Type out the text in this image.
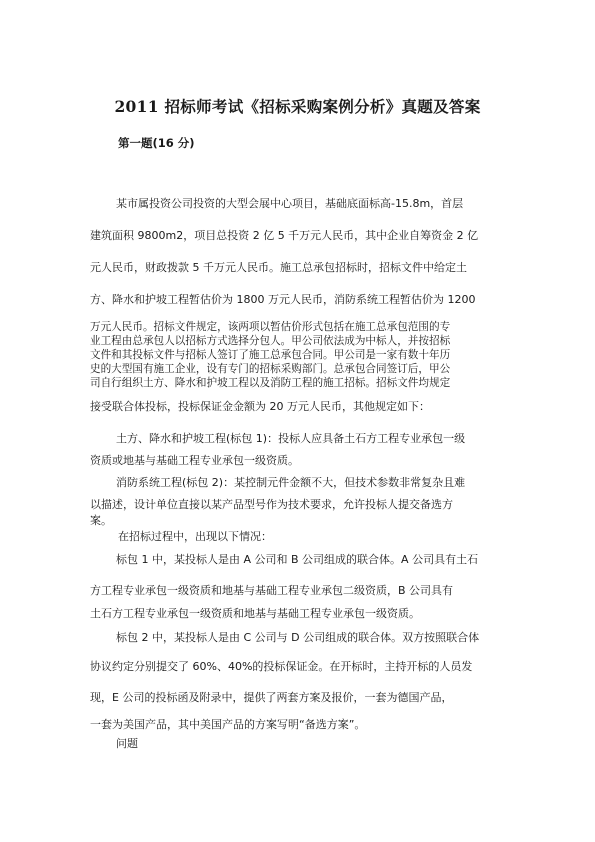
2011 招标师考试《招标采购案例分析》真题及答案
第一题(16 分)
某市属投资公司投资的大型会展中心项目，基础底面标高-15.8m，首层
建筑面积 9800m2，项目总投资 2 亿 5 千万元人民币，其中企业自筹资金 2 亿
元人民币，财政拨款 5 千万元人民币。施工总承包招标时，招标文件中给定土
方、降水和护坡工程暂估价为 1800 万元人民币，消防系统工程暂估价为 1200
万元人民币。招标文件规定，该两项以暂估价形式包括在施工总承包范围的专
业工程由总承包人以招标方式选择分包人。甲公司依法成为中标人，并按招标
文件和其投标文件与招标人签订了施工总承包合同。甲公司是一家有数十年历
史的大型国有施工企业，设有专门的招标采购部门。总承包合同签订后，甲公
司自行组织土方、降水和护坡工程以及消防工程的施工招标。招标文件均规定
接受联合体投标，投标保证金金额为 20 万元人民币，其他规定如下：
土方、降水和护坡工程(标包 1)：投标人应具备土石方工程专业承包一级
资质或地基与基础工程专业承包一级资质。
消防系统工程(标包 2)：某控制元件金额不大，但技术参数非常复杂且难
以描述，设计单位直接以某产品型号作为技术要求，允许投标人提交备选方
案。
在招标过程中，出现以下情况：
标包 1 中，某投标人是由 A 公司和 B 公司组成的联合体。A 公司具有土石
方工程专业承包一级资质和地基与基础工程专业承包二级资质，B 公司具有
土石方工程专业承包一级资质和地基与基础工程专业承包一级资质。
标包 2 中，某投标人是由 C 公司与 D 公司组成的联合体。双方按照联合体
协议约定分别提交了 60%、40%的投标保证金。在开标时，主持开标的人员发
现，E 公司的投标函及附录中，提供了两套方案及报价，一套为德国产品，
一套为美国产品，其中美国产品的方案写明“备选方案”。
问题
